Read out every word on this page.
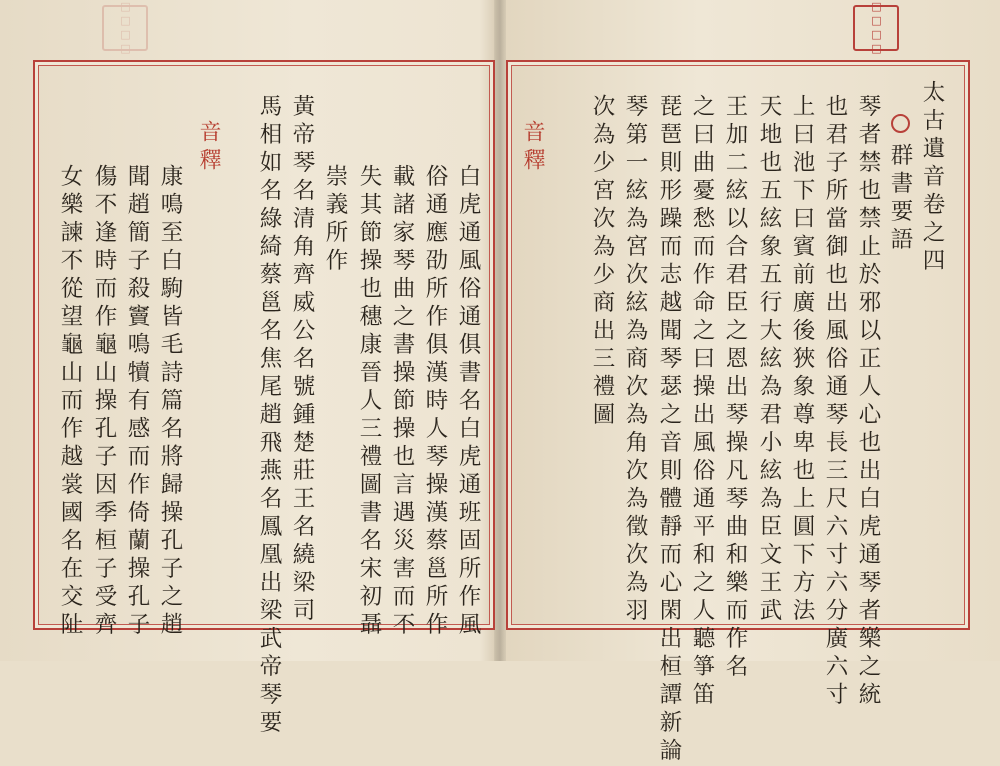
□□□□
□□□□
太古遺音卷之四
群書要語
琴者禁也禁止於邪以正人心也出白虎通琴者樂之統
也君子所當御也出風俗通琴長三尺六寸六分廣六寸
上曰池下曰賓前廣後狹象尊卑也上圓下方法
天地也五絃象五行大絃為君小絃為臣文王武
王加二絃以合君臣之恩出琴操凡琴曲和樂而作名
之曰曲憂愁而作命之曰操出風俗通平和之人聽箏笛
琵琶則形躁而志越聞琴瑟之音則體靜而心閑出桓譚新論
琴第一絃為宮次絃為商次為角次為徵次為羽
次為少宮次為少商出三禮圖
音釋
白虎通風俗通俱書名白虎通班固所作風
俗通應劭所作俱漢時人琴操漢蔡邕所作
載諸家琴曲之書操節操也言遇災害而不
失其節操也穗康晉人三禮圖書名宋初聶
崇義所作
黃帝琴名清角齊威公名號鍾楚莊王名繞梁司
馬相如名綠綺蔡邕名焦尾趙飛燕名鳳凰出梁武帝琴要
音釋
康鳴至白駒皆毛詩篇名將歸操孔子之趙
聞趙簡子殺竇鳴犢有感而作倚蘭操孔子
傷不逢時而作龜山操孔子因季桓子受齊
女樂諫不從望龜山而作越裳國名在交阯
